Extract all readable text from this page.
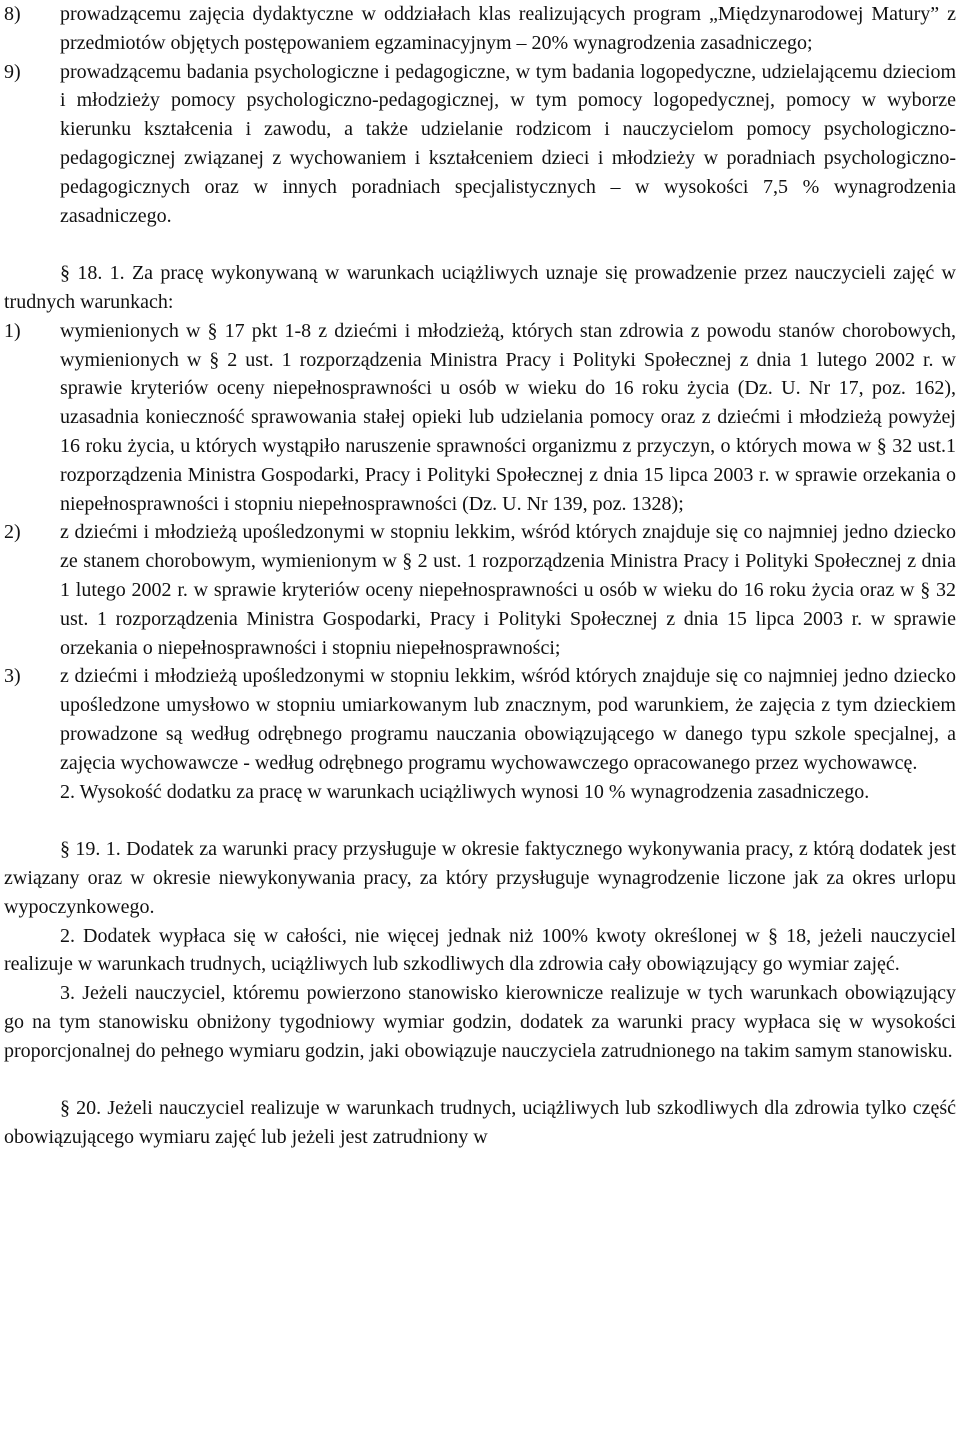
8)	prowadzącemu zajęcia dydaktyczne w oddziałach klas realizujących program „Międzynarodowej Matury” z przedmiotów objętych postępowaniem egzaminacyjnym – 20% wynagrodzenia zasadniczego;
9)	prowadzącemu badania psychologiczne i pedagogiczne, w tym badania logopedyczne, udzielającemu dzieciom i młodzieży pomocy psychologiczno-pedagogicznej, w tym pomocy logopedycznej, pomocy w wyborze kierunku kształcenia i zawodu, a także udzielanie rodzicom i nauczycielom pomocy psychologiczno-pedagogicznej związanej z wychowaniem i kształceniem dzieci i młodzieży w poradniach psychologiczno-pedagogicznych oraz w innych poradniach specjalistycznych – w wysokości 7,5 % wynagrodzenia zasadniczego.

§ 18. 1. Za pracę wykonywaną w warunkach uciążliwych uznaje się prowadzenie przez nauczycieli zajęć w trudnych warunkach:

1)	wymienionych w § 17 pkt 1-8 z dziećmi i młodzieżą, których stan zdrowia z powodu stanów chorobowych, wymienionych w § 2 ust. 1 rozporządzenia Ministra Pracy i Polityki Społecznej z dnia 1 lutego 2002 r. w sprawie kryteriów oceny niepełnosprawności u osób w wieku do 16 roku życia (Dz. U. Nr 17, poz. 162), uzasadnia konieczność sprawowania stałej opieki lub udzielania pomocy oraz z dziećmi i młodzieżą powyżej 16 roku życia, u których wystąpiło naruszenie sprawności organizmu z przyczyn, o których mowa w § 32 ust.1 rozporządzenia Ministra Gospodarki, Pracy i Polityki Społecznej z dnia 15 lipca 2003 r. w sprawie orzekania o niepełnosprawności i stopniu niepełnosprawności (Dz. U. Nr 139, poz. 1328);
2)	z dziećmi i młodzieżą upośledzonymi w stopniu lekkim, wśród których znajduje się co najmniej jedno dziecko ze stanem chorobowym, wymienionym w § 2 ust. 1 rozporządzenia Ministra Pracy i Polityki Społecznej z dnia 1 lutego 2002 r. w sprawie kryteriów oceny niepełnosprawności u osób w wieku do 16 roku życia oraz w § 32 ust. 1 rozporządzenia Ministra Gospodarki, Pracy i Polityki Społecznej z dnia 15 lipca 2003 r. w sprawie orzekania o niepełnosprawności i stopniu niepełnosprawności;
3)	z dziećmi i młodzieżą upośledzonymi w stopniu lekkim, wśród których znajduje się co najmniej jedno dziecko upośledzone umysłowo w stopniu umiarkowanym lub znacznym, pod warunkiem, że zajęcia z tym dzieckiem prowadzone są według odrębnego programu nauczania obowiązującego w danego typu szkole specjalnej, a zajęcia wychowawcze - według odrębnego programu wychowawczego opracowanego przez wychowawcę.

2. Wysokość dodatku za pracę w warunkach uciążliwych wynosi 10 % wynagrodzenia zasadniczego.

§ 19. 1. Dodatek za warunki pracy przysługuje w okresie faktycznego wykonywania pracy, z którą dodatek jest związany oraz w okresie niewykonywania pracy, za który przysługuje wynagrodzenie liczone jak za okres urlopu wypoczynkowego.

2. Dodatek wypłaca się w całości, nie więcej jednak niż 100% kwoty określonej w § 18, jeżeli nauczyciel realizuje w warunkach trudnych, uciążliwych lub szkodliwych dla zdrowia cały obowiązujący go wymiar zajęć.

3. Jeżeli nauczyciel, któremu powierzono stanowisko kierownicze realizuje w tych warunkach obowiązujący go na tym stanowisku obniżony tygodniowy wymiar godzin, dodatek za warunki pracy wypłaca się w wysokości proporcjonalnej do pełnego wymiaru godzin, jaki obowiązuje nauczyciela zatrudnionego na takim samym stanowisku.

§ 20. Jeżeli nauczyciel realizuje w warunkach trudnych, uciążliwych lub szkodliwych dla zdrowia tylko część obowiązującego wymiaru zajęć lub jeżeli jest zatrudniony w
